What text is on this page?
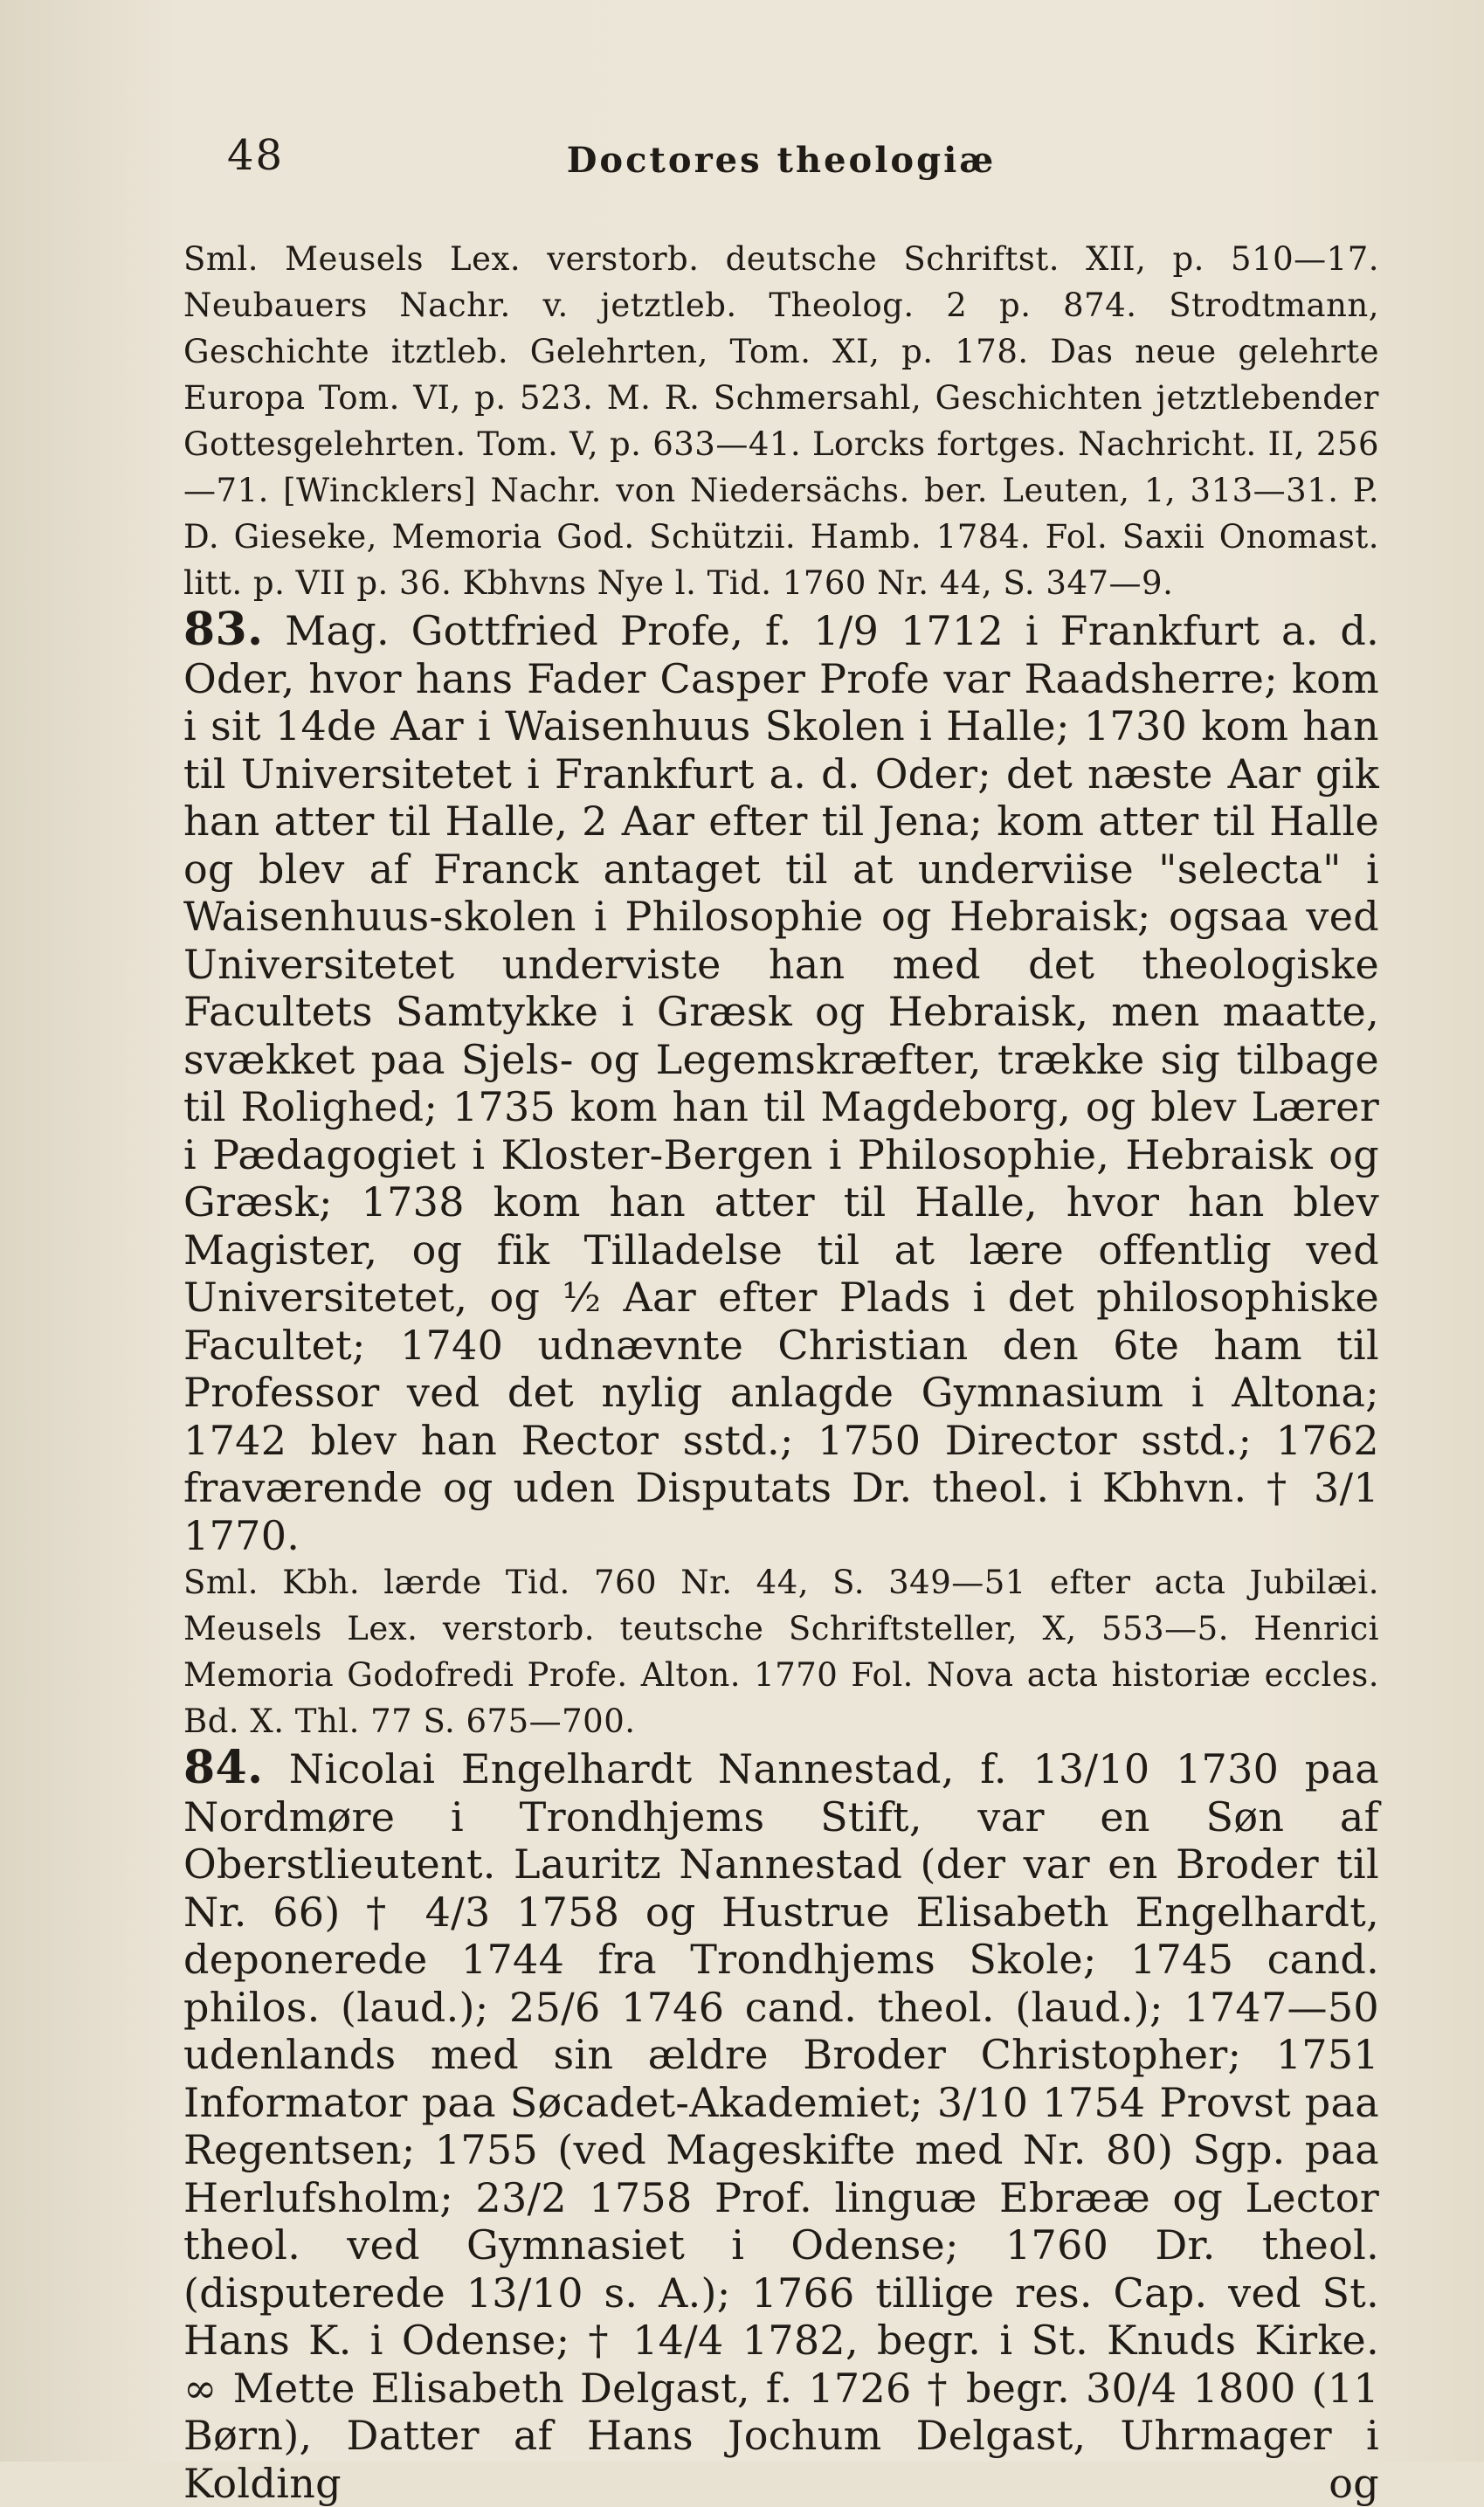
48	Doctores theologiæ

Sml. Meusels Lex. verstorb. deutsche Schriftst. XII, p. 510—17. Neubauers Nachr. v. jetztleb. Theolog. 2 p. 874. Strodtmann, Geschichte itztleb. Gelehrten, Tom. XI, p. 178. Das neue gelehrte Europa Tom. VI, p. 523. M. R. Schmersahl, Geschichten jetztlebender Gottesgelehrten. Tom. V, p. 633—41. Lorcks fortges. Nachricht. II, 256—71. [Wincklers] Nachr. von Niedersächs. ber. Leuten, 1, 313—31. P. D. Gieseke, Memoria God. Schützii. Hamb. 1784. Fol. Saxii Onomast. litt. p. VII p. 36. Kbhvns Nye l. Tid. 1760 Nr. 44, S. 347—9.

83. Mag. Gottfried Profe, f. 1/9 1712 i Frankfurt a. d. Oder, hvor hans Fader Casper Profe var Raadsherre; kom i sit 14de Aar i Waisenhuus Skolen i Halle; 1730 kom han til Universitetet i Frankfurt a. d. Oder; det næste Aar gik han atter til Halle, 2 Aar efter til Jena; kom atter til Halle og blev af Franck antaget til at underviise "selecta" i Waisenhuus-skolen i Philosophie og Hebraisk; ogsaa ved Universitetet underviste han med det theologiske Facultets Samtykke i Græsk og Hebraisk, men maatte, svækket paa Sjels- og Legemskræfter, trække sig tilbage til Rolighed; 1735 kom han til Magdeborg, og blev Lærer i Pædagogiet i Kloster-Bergen i Philosophie, Hebraisk og Græsk; 1738 kom han atter til Halle, hvor han blev Magister, og fik Tilladelse til at lære offentlig ved Universitetet, og ½ Aar efter Plads i det philosophiske Facultet; 1740 udnævnte Christian den 6te ham til Professor ved det nylig anlagde Gymnasium i Altona; 1742 blev han Rector sstd.; 1750 Director sstd.; 1762 fraværende og uden Disputats Dr. theol. i Kbhvn. † 3/1 1770.

Sml. Kbh. lærde Tid. 760 Nr. 44, S. 349—51 efter acta Jubilæi. Meusels Lex. verstorb. teutsche Schriftsteller, X, 553—5. Henrici Memoria Godofredi Profe. Alton. 1770 Fol. Nova acta historiæ eccles. Bd. X. Thl. 77 S. 675—700.

84. Nicolai Engelhardt Nannestad, f. 13/10 1730 paa Nordmøre i Trondhjems Stift, var en Søn af Oberstlieutent. Lauritz Nannestad (der var en Broder til Nr. 66) † 4/3 1758 og Hustrue Elisabeth Engelhardt, deponerede 1744 fra Trondhjems Skole; 1745 cand. philos. (laud.); 25/6 1746 cand. theol. (laud.); 1747—50 udenlands med sin ældre Broder Christopher; 1751 Informator paa Søcadet-Akademiet; 3/10 1754 Provst paa Regentsen; 1755 (ved Mageskifte med Nr. 80) Sgp. paa Herlufsholm; 23/2 1758 Prof. linguæ Ebrææ og Lector theol. ved Gymnasiet i Odense; 1760 Dr. theol. (disputerede 13/10 s. A.); 1766 tillige res. Cap. ved St. Hans K. i Odense; † 14/4 1782, begr. i St. Knuds Kirke.

∞ Mette Elisabeth Delgast, f. 1726 † begr. 30/4 1800 (11 Børn), Datter af Hans Jochum Delgast, Uhrmager i Kolding og
